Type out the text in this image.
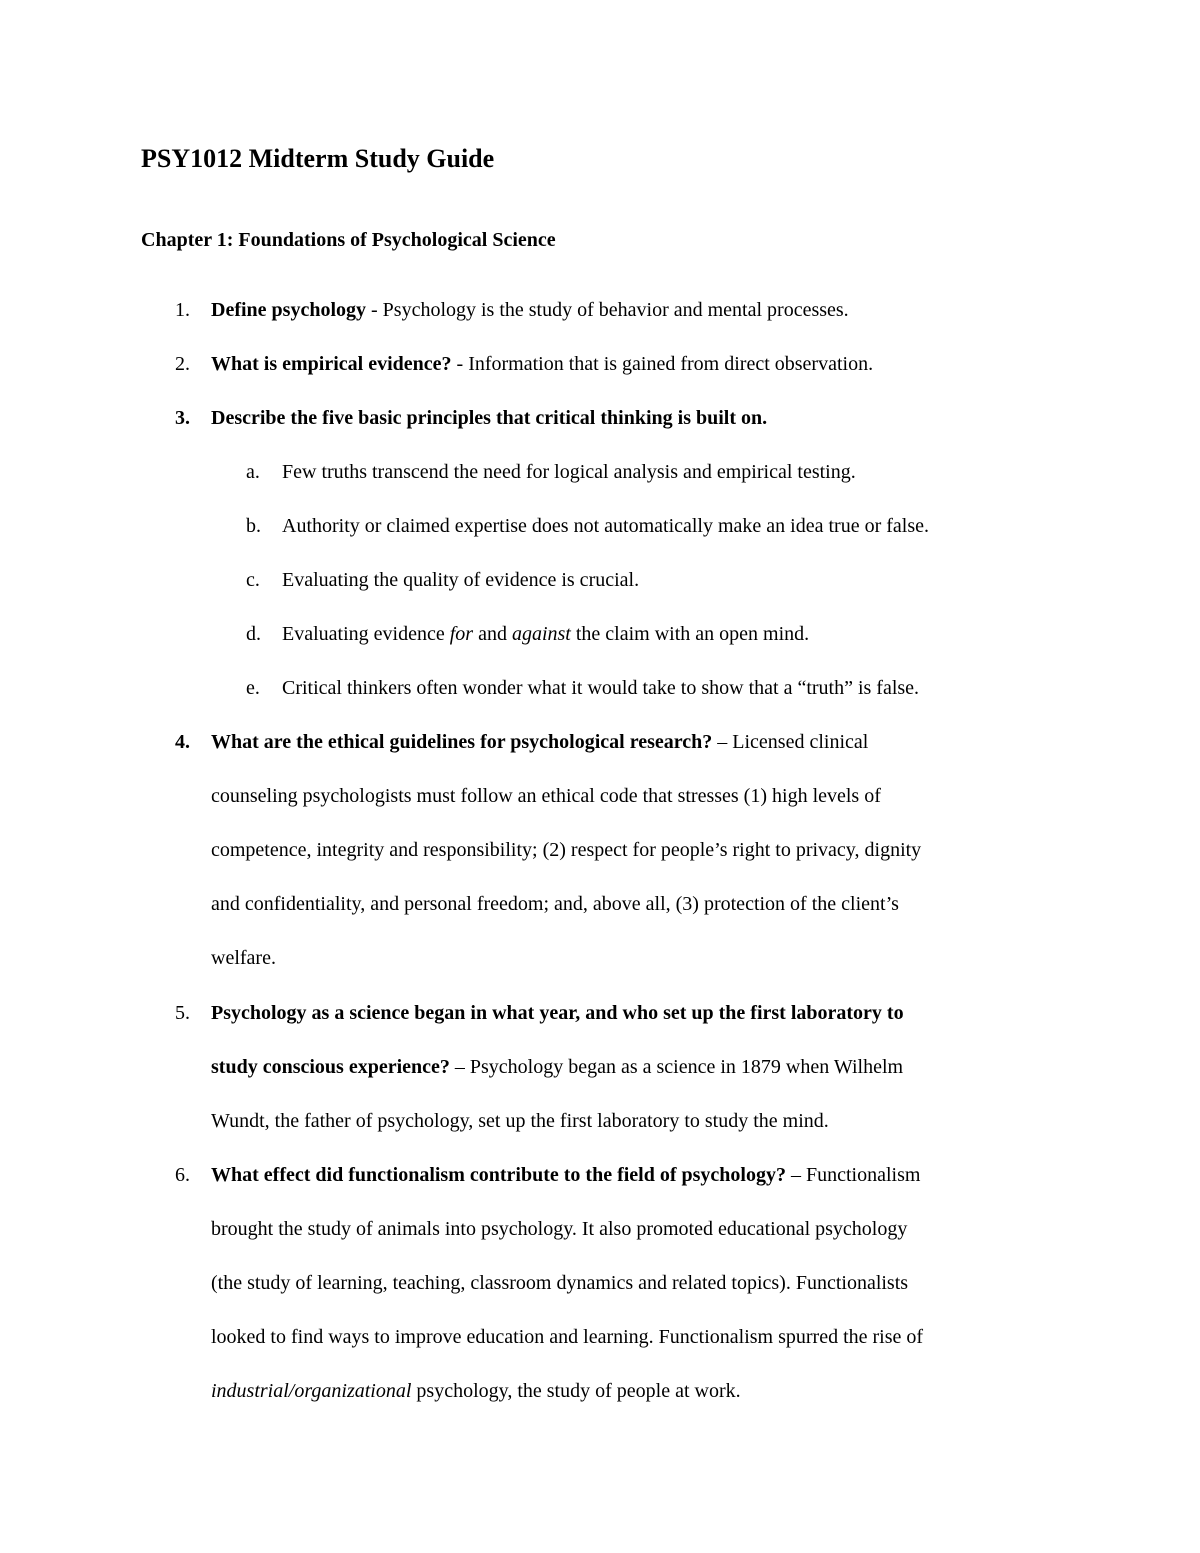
PSY1012 Midterm Study Guide
Chapter 1: Foundations of Psychological Science
1. Define psychology - Psychology is the study of behavior and mental processes.
2. What is empirical evidence? - Information that is gained from direct observation.
3. Describe the five basic principles that critical thinking is built on.
a. Few truths transcend the need for logical analysis and empirical testing.
b. Authority or claimed expertise does not automatically make an idea true or false.
c. Evaluating the quality of evidence is crucial.
d. Evaluating evidence for and against the claim with an open mind.
e. Critical thinkers often wonder what it would take to show that a “truth” is false.
4. What are the ethical guidelines for psychological research? – Licensed clinical
counseling psychologists must follow an ethical code that stresses (1) high levels of
competence, integrity and responsibility; (2) respect for people’s right to privacy, dignity
and confidentiality, and personal freedom; and, above all, (3) protection of the client’s
welfare.
5. Psychology as a science began in what year, and who set up the first laboratory to
study conscious experience? – Psychology began as a science in 1879 when Wilhelm
Wundt, the father of psychology, set up the first laboratory to study the mind.
6. What effect did functionalism contribute to the field of psychology? – Functionalism
brought the study of animals into psychology. It also promoted educational psychology
(the study of learning, teaching, classroom dynamics and related topics). Functionalists
looked to find ways to improve education and learning. Functionalism spurred the rise of
industrial/organizational psychology, the study of people at work.
